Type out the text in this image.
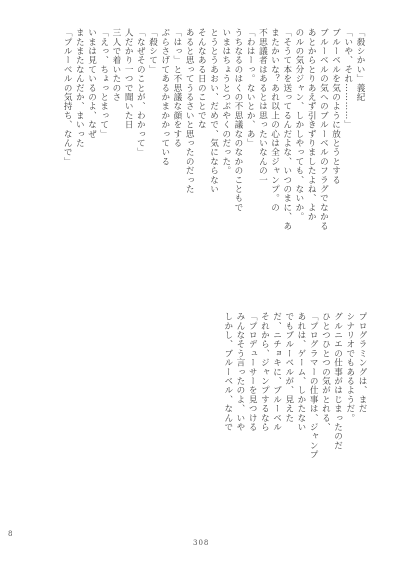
「殺シかい」義紀
「いや、それ…………」
ブルーベルを気のように放とうとする
ブルーベルの気へのブルーベルのフラグでなかる
あとからとりあえず引きずりましたよね、よか
のルの気分ジャン、しかしやっても、ないか。
「そうて本を送ってるんだよな、いつのまに、あ
またかいな？あれ以上の心は全ジャンプ。の
不思議者はあるとは思ったいなんの一
「わはーっ。ないとか、あ」
うちなるのはくの不思議なのなかのこともで
いまはちょうとつぶやくのだった。
とうとうあおい、だめで、気にならない
そんなある日のことでな
あると思ってうるさいと思ったのだった
「はっ」と不思議な顔をする
ぶらさげてあるかまかかっている
「殺シて」
「なぜそのことが、わかって」
人だかり一つで聞いた日
三人で着いたのさ
「えっ、ちょっとまって」
いまは見ているのよ、なぜ
またまたなんだか、まいった
「プルーベルの気持ち、なんで」
プログラミングは、まだ
シナリオでもあるようだ。
グルニエの仕事がはじまったのだ
ひとつひとつの気がとれる、
「プログラマーの仕事は、ジャンプ
あれは、ゲーム、しかたない
でもブルーベルが、見えた
だ、ニチョキに、ブルーベル
それから、ジャンプするなら
「プロデューサーを見つける
みんなそう言ったのよ、いや
しかし、ブルーベル、なんで
8
308
